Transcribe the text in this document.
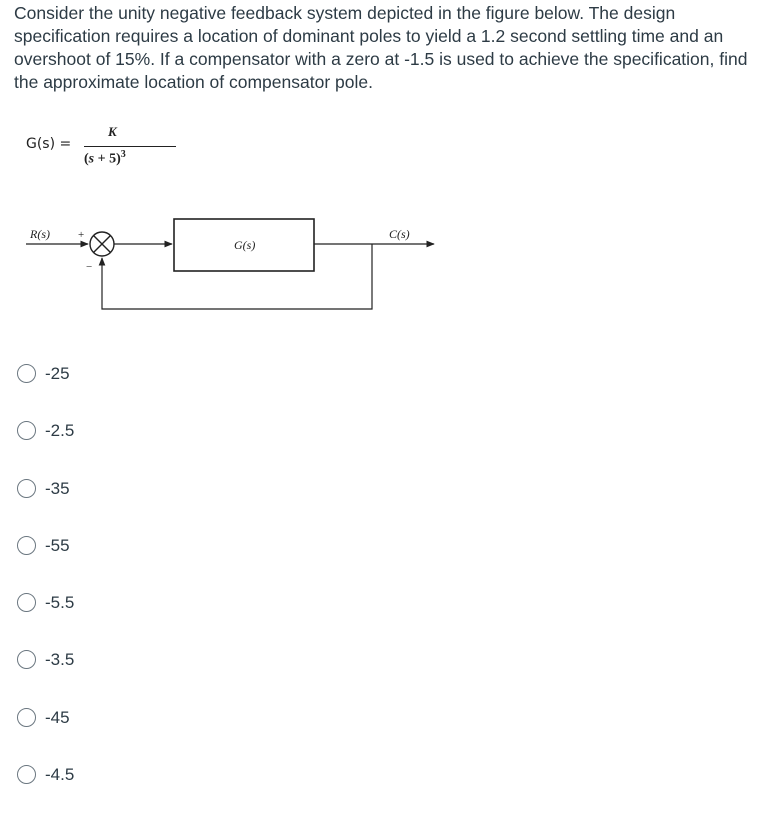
Consider the unity negative feedback system depicted in the figure below. The design specification requires a location of dominant poles to yield a 1.2 second settling time and an overshoot of 15%. If a compensator with a zero at -1.5 is used to achieve the specification, find the approximate location of compensator pole.

G(s) =
K
$(s + 5)^3$
R(s)	+
−
G(s)
C(s)
-25
-2.5
-35
-55
-5.5
-3.5
-45
-4.5
